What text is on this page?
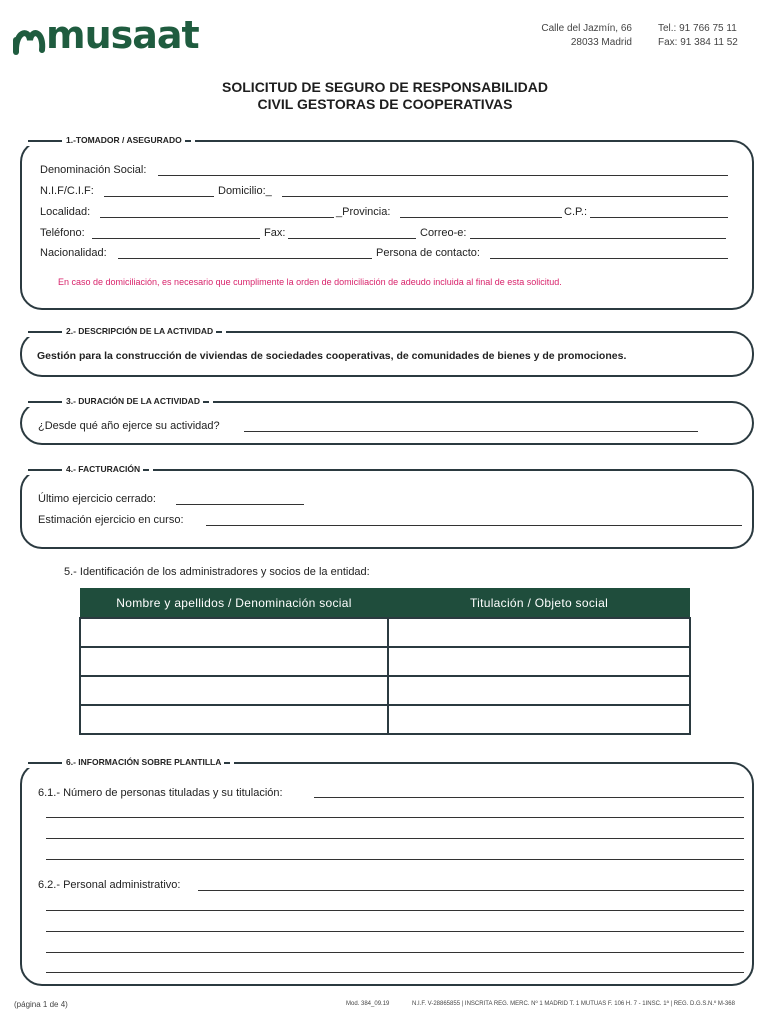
musaat	Calle del Jazmín, 66
28033 Madrid
Tel.: 91 766 75 11
Fax: 91 384 11 52
SOLICITUD DE SEGURO DE RESPONSABILIDAD
CIVIL GESTORAS DE COOPERATIVAS
1.-TOMADOR / ASEGURADO
Denominación Social:
N.I.F/C.I.F:	Domicilio:_
Localidad:	_Provincia:	C.P.:
Teléfono:	Fax:	Correo-e:
Nacionalidad:	Persona de contacto:
En caso de domiciliación, es necesario que cumplimente la orden de domiciliación de adeudo incluida al final de esta solicitud.
2.- DESCRIPCIÓN DE LA ACTIVIDAD
Gestión para la construcción de viviendas de sociedades cooperativas, de comunidades de bienes y de promociones.
3.- DURACIÓN DE LA ACTIVIDAD
¿Desde qué año ejerce su actividad?
4.- FACTURACIÓN
Último ejercicio cerrado:
Estimación ejercicio en curso:
5.- Identificación de los administradores y socios de la entidad:
Nombre y apellidos / Denominación social	Titulación / Objeto social

6.- INFORMACIÓN SOBRE PLANTILLA
6.1.- Número de personas tituladas y su titulación:
6.2.- Personal administrativo:
(página 1 de 4)	Mod. 384_09.19	N.I.F. V-28865855 | INSCRITA REG. MERC. Nº 1 MADRID T. 1 MUTUAS F. 106 H. 7 - 1INSC. 1ª | REG. D.G.S.N.º M-368
